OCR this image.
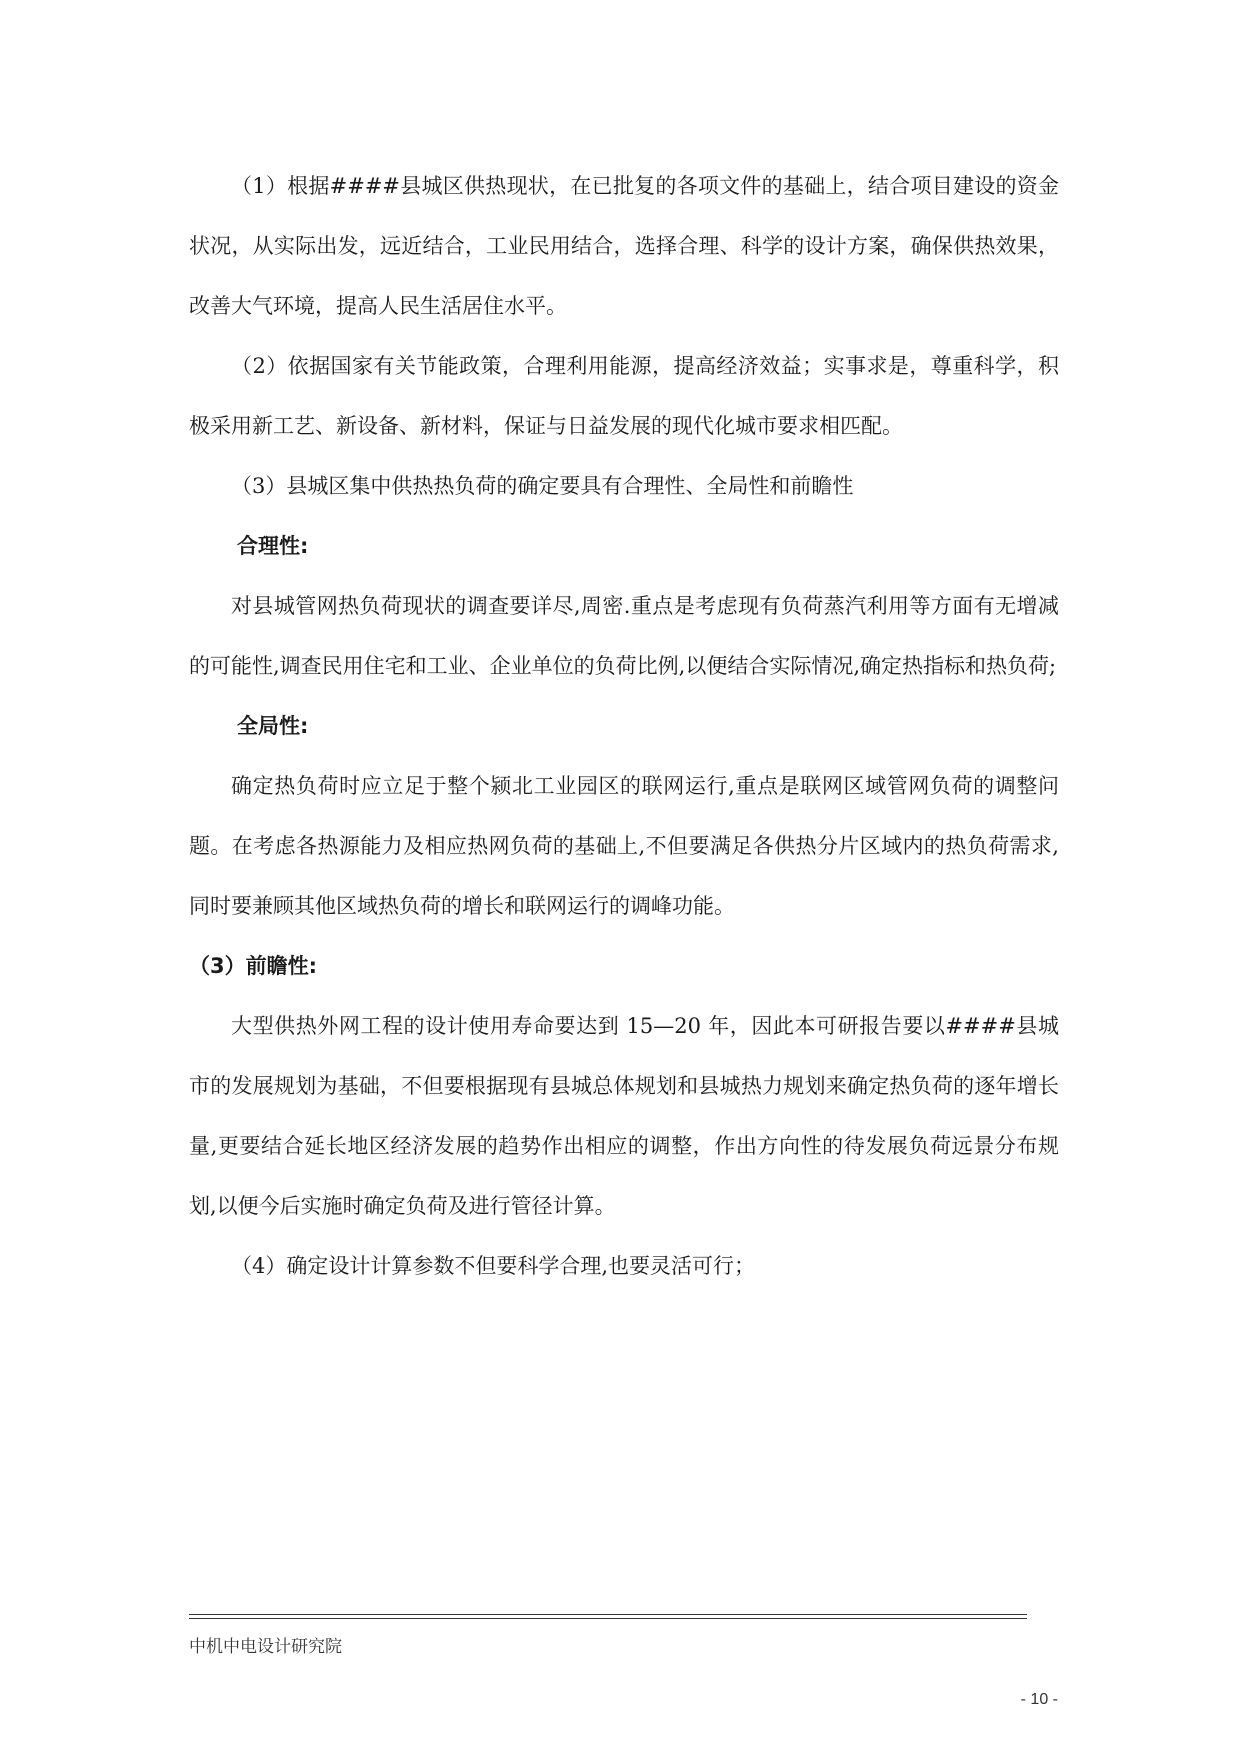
（1）根据####县城区供热现状，在已批复的各项文件的基础上，结合项目建设的资金状况，从实际出发，远近结合，工业民用结合，选择合理、科学的设计方案，确保供热效果，改善大气环境，提高人民生活居住水平。

（2）依据国家有关节能政策，合理利用能源，提高经济效益；实事求是，尊重科学，积极采用新工艺、新设备、新材料，保证与日益发展的现代化城市要求相匹配。

（3）县城区集中供热热负荷的确定要具有合理性、全局性和前瞻性

合理性:

对县城管网热负荷现状的调查要详尽,周密.重点是考虑现有负荷蒸汽利用等方面有无增减的可能性,调查民用住宅和工业、企业单位的负荷比例,以便结合实际情况,确定热指标和热负荷;

全局性:

确定热负荷时应立足于整个颍北工业园区的联网运行,重点是联网区域管网负荷的调整问题。在考虑各热源能力及相应热网负荷的基础上,不但要满足各供热分片区域内的热负荷需求,同时要兼顾其他区域热负荷的增长和联网运行的调峰功能。

（3）前瞻性:

大型供热外网工程的设计使用寿命要达到 15—20 年，因此本可研报告要以####县城市的发展规划为基础，不但要根据现有县城总体规划和县城热力规划来确定热负荷的逐年增长量,更要结合延长地区经济发展的趋势作出相应的调整，作出方向性的待发展负荷远景分布规划,以便今后实施时确定负荷及进行管径计算。

（4）确定设计计算参数不但要科学合理,也要灵活可行；

中机中电设计研究院
- 10 -
